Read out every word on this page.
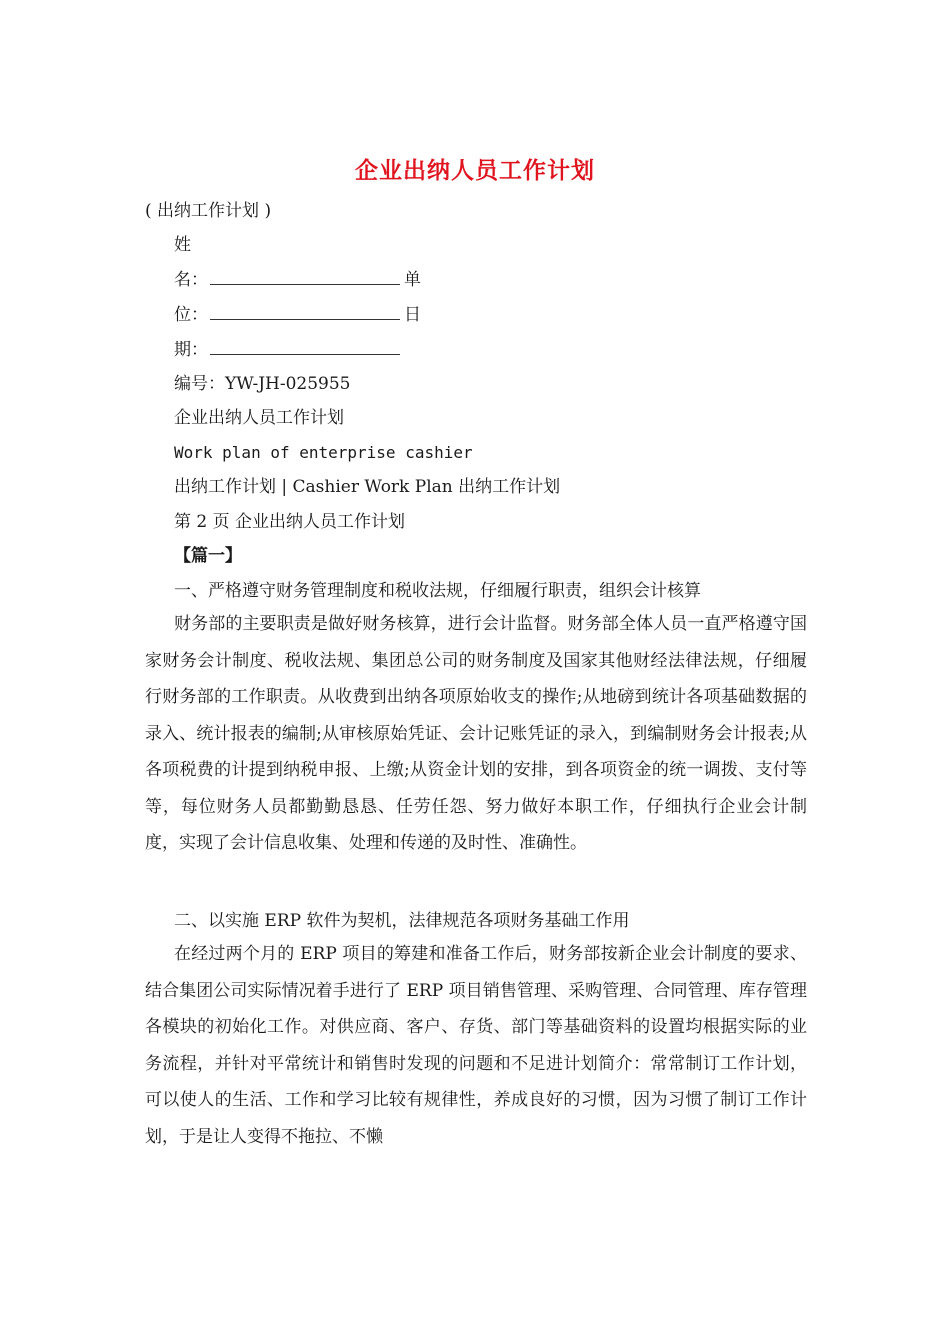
企业出纳人员工作计划
( 出纳工作计划 )
姓
名：	单
位：	日
期：
编号：YW-JH-025955
企业出纳人员工作计划
Work plan of enterprise cashier
出纳工作计划 | Cashier Work Plan 出纳工作计划
第 2 页 企业出纳人员工作计划
【篇一】
一、严格遵守财务管理制度和税收法规，仔细履行职责，组织会计核算
财务部的主要职责是做好财务核算，进行会计监督。财务部全体人员一直严格遵守国家财务会计制度、税收法规、集团总公司的财务制度及国家其他财经法律法规，仔细履行财务部的工作职责。从收费到出纳各项原始收支的操作;从地磅到统计各项基础数据的录入、统计报表的编制;从审核原始凭证、会计记账凭证的录入，到编制财务会计报表;从各项税费的计提到纳税申报、上缴;从资金计划的安排，到各项资金的统一调拨、支付等等，每位财务人员都勤勤恳恳、任劳任怨、努力做好本职工作，仔细执行企业会计制度，实现了会计信息收集、处理和传递的及时性、准确性。
二、以实施 ERP 软件为契机，法律规范各项财务基础工作用
在经过两个月的 ERP 项目的筹建和准备工作后，财务部按新企业会计制度的要求、结合集团公司实际情况着手进行了 ERP 项目销售管理、采购管理、合同管理、库存管理各模块的初始化工作。对供应商、客户、存货、部门等基础资料的设置均根据实际的业务流程，并针对平常统计和销售时发现的问题和不足进计划简介：常常制订工作计划，可以使人的生活、工作和学习比较有规律性，养成良好的习惯，因为习惯了制订工作计划，于是让人变得不拖拉、不懒
